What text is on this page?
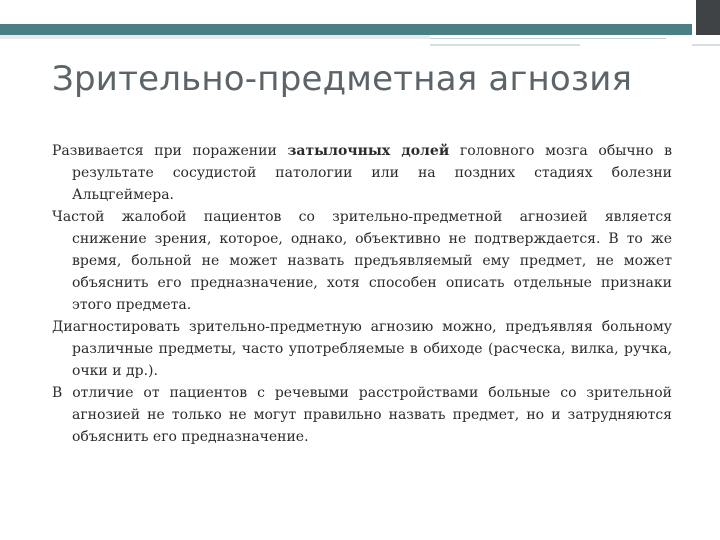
Зрительно-предметная агнозия

Развивается при поражении затылочных долей головного мозга обычно в результате сосудистой патологии или на поздних стадиях болезни Альцгеймера.

Частой жалобой пациентов со зрительно-предметной агнозией является снижение зрения, которое, однако, объективно не подтверждается. В то же время, больной не может назвать предъявляемый ему предмет, не может объяснить его предназначение, хотя способен описать отдельные признаки этого предмета.

Диагностировать зрительно-предметную агнозию можно, предъявляя больному различные предметы, часто употребляемые в обиходе (расческа, вилка, ручка, очки и др.).

В отличие от пациентов с речевыми расстройствами больные со зрительной агнозией не только не могут правильно назвать предмет, но и затрудняются объяснить его предназначение.
